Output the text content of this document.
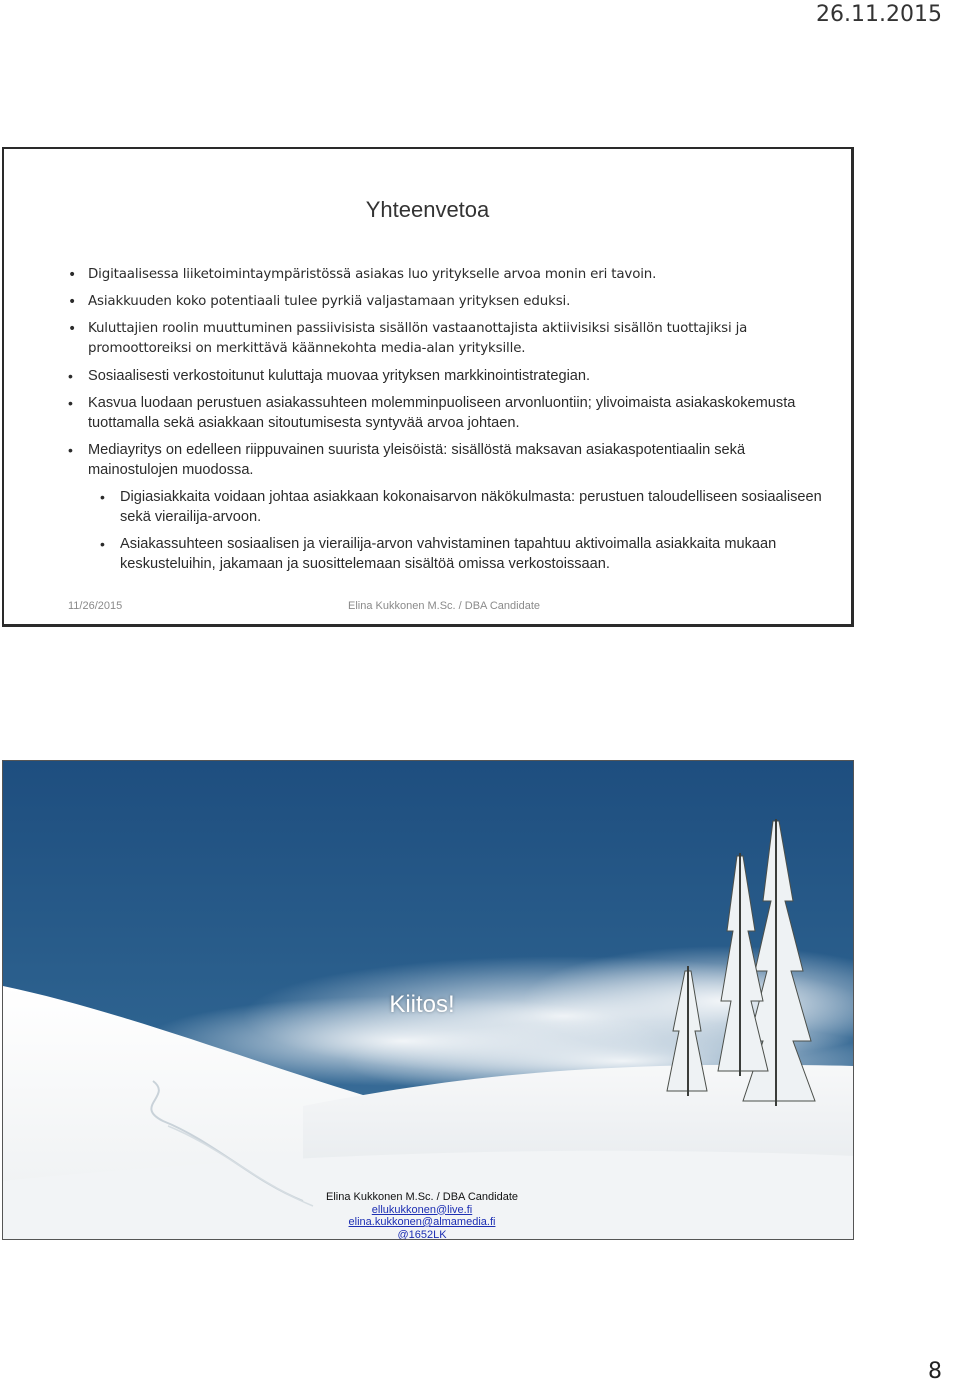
26.11.2015
Yhteenvetoa
• Digitaalisessa liiketoimintaympäristössä asiakas luo yritykselle arvoa monin eri tavoin.
• Asiakkuuden koko potentiaali tulee pyrkiä valjastamaan yrityksen eduksi.
• Kuluttajien roolin muuttuminen passiivisista sisällön vastaanottajista aktiivisiksi sisällön tuottajiksi ja promoottoreiksi on merkittävä käännekohta media-alan yrityksille.
• Sosiaalisesti verkostoitunut kuluttaja muovaa yrityksen markkinointistrategian.
• Kasvua luodaan perustuen asiakassuhteen molemminpuoliseen arvonluontiin; ylivoimaista asiakaskokemusta tuottamalla sekä asiakkaan sitoutumisesta syntyvää arvoa johtaen.
• Mediayritys on edelleen riippuvainen suurista yleisöistä: sisällöstä maksavan asiakaspotentiaalin sekä mainostulojen muodossa.
• Digiasiakkaita voidaan johtaa asiakkaan kokonaisarvon näkökulmasta: perustuen taloudelliseen sosiaaliseen sekä vierailija-arvoon.
• Asiakassuhteen sosiaalisen ja vierailija-arvon vahvistaminen tapahtuu aktivoimalla asiakkaita mukaan keskusteluihin, jakamaan ja suosittelemaan sisältöä omissa verkostoissaan.
11/26/2015	Elina Kukkonen M.Sc. / DBA Candidate
Kiitos!
Elina Kukkonen M.Sc. / DBA Candidate
ellukukkonen@live.fi
elina.kukkonen@almamedia.fi
@1652LK
8
